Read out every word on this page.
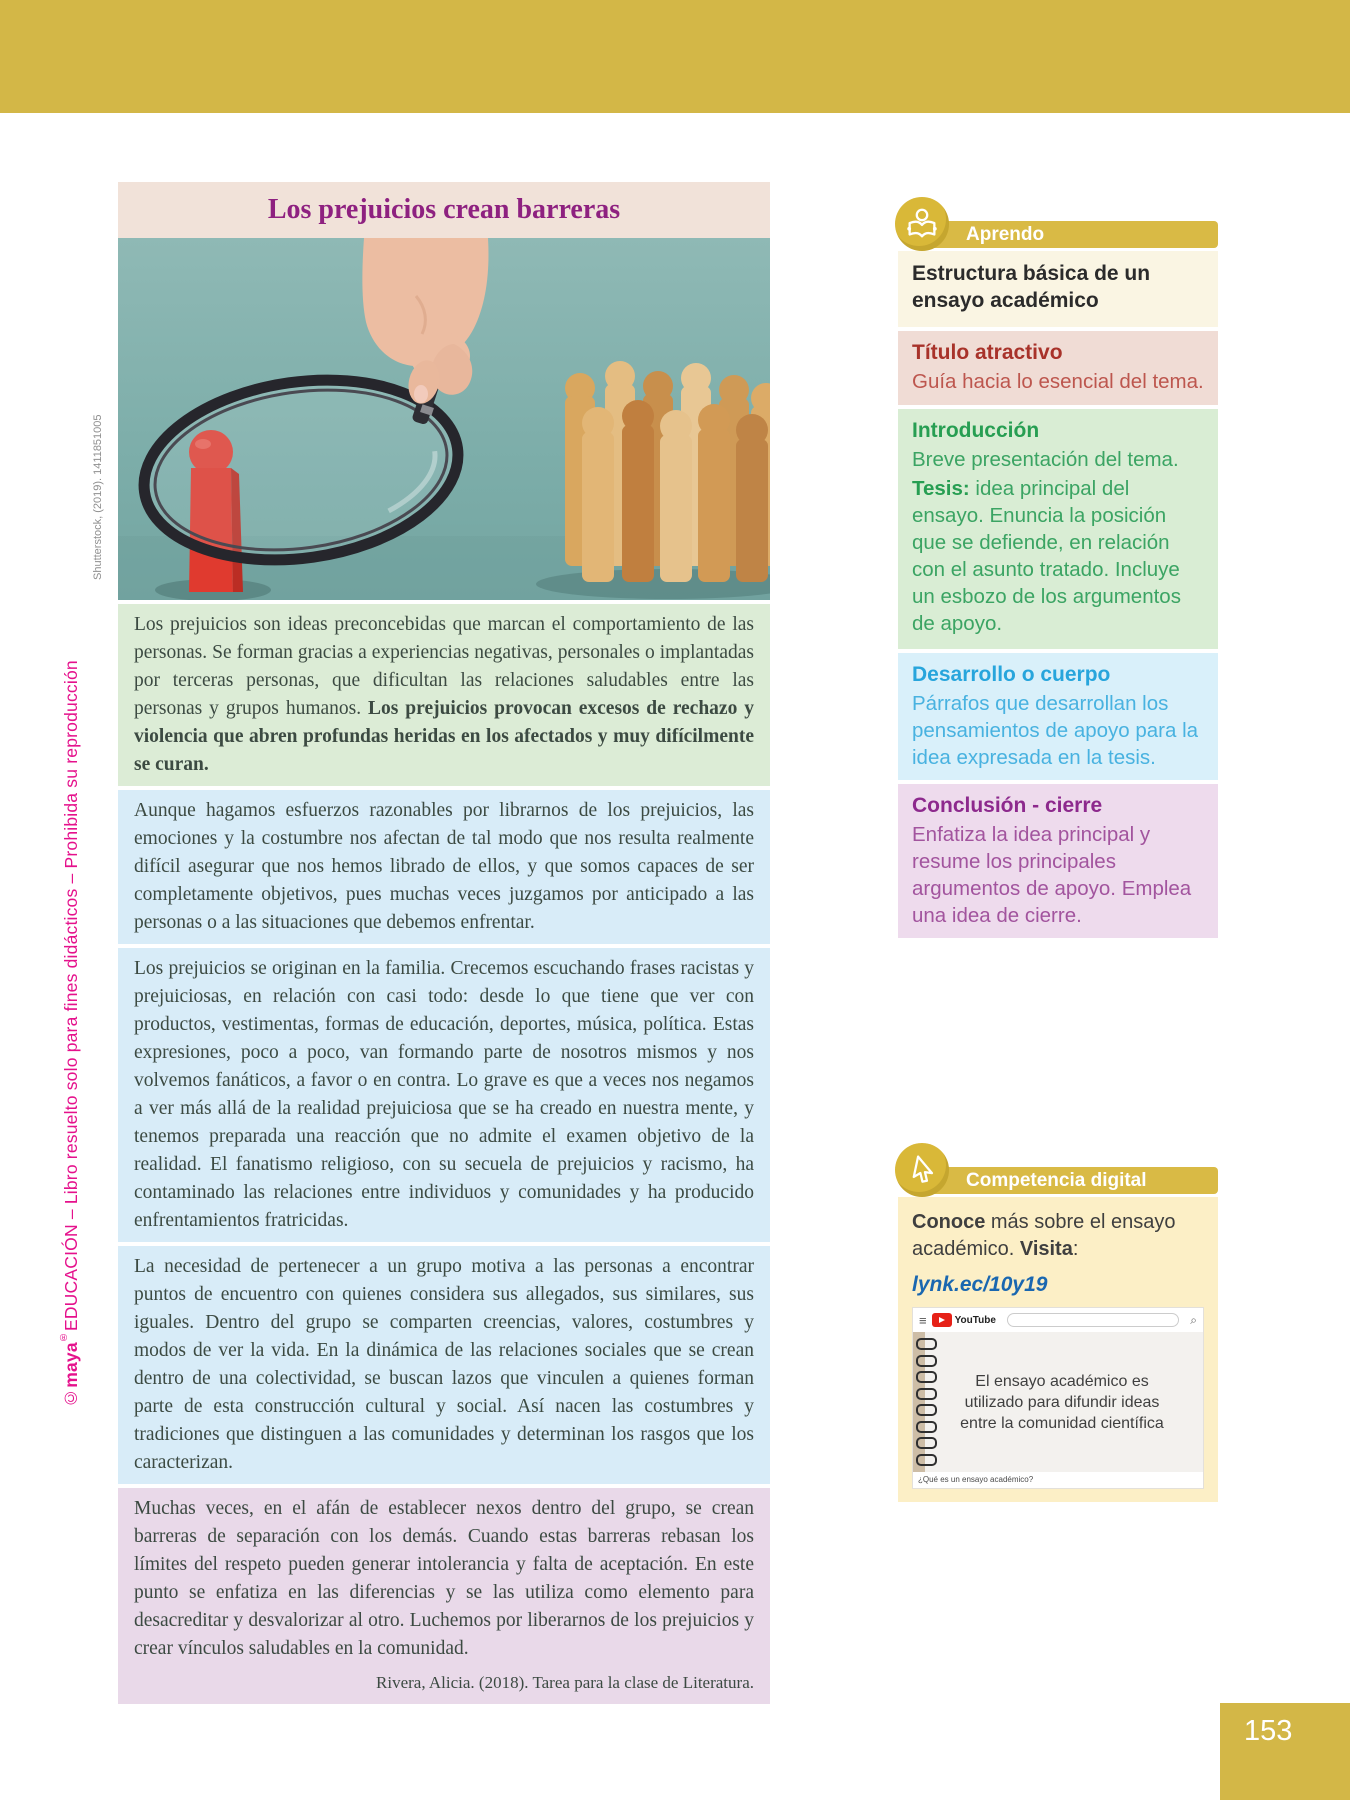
©maya®EDUCACIÓN – Libro resuelto solo para fines didácticos – Prohibida su reproducción
Shutterstock, (2019). 1411851005
Los prejuicios crean barreras

Los prejuicios son ideas preconcebidas que marcan el comportamiento de las personas. Se forman gracias a experiencias negativas, personales o implantadas por terceras personas, que dificultan las relaciones saludables entre las personas y grupos humanos. Los prejuicios provocan excesos de rechazo y violencia que abren profundas heridas en los afectados y muy difícilmente se curan.

Aunque hagamos esfuerzos razonables por librarnos de los prejuicios, las emociones y la costumbre nos afectan de tal modo que nos resulta realmente difícil asegurar que nos hemos librado de ellos, y que somos capaces de ser completamente objetivos, pues muchas veces juzgamos por anticipado a las personas o a las situaciones que debemos enfrentar.

Los prejuicios se originan en la familia. Crecemos escuchando frases racistas y prejuiciosas, en relación con casi todo: desde lo que tiene que ver con productos, vestimentas, formas de educación, deportes, música, política. Estas expresiones, poco a poco, van formando parte de nosotros mismos y nos volvemos fanáticos, a favor o en contra. Lo grave es que a veces nos negamos a ver más allá de la realidad prejuiciosa que se ha creado en nuestra mente, y tenemos preparada una reacción que no admite el examen objetivo de la realidad. El fanatismo religioso, con su secuela de prejuicios y racismo, ha contaminado las relaciones entre individuos y comunidades y ha producido enfrentamientos fratricidas.

La necesidad de pertenecer a un grupo motiva a las personas a encontrar puntos de encuentro con quienes considera sus allegados, sus similares, sus iguales. Dentro del grupo se comparten creencias, valores, costumbres y modos de ver la vida. En la dinámica de las relaciones sociales que se crean dentro de una colectividad, se buscan lazos que vinculen a quienes forman parte de esta construcción cultural y social. Así nacen las costumbres y tradiciones que distinguen a las comunidades y determinan los rasgos que los caracterizan.

Muchas veces, en el afán de establecer nexos dentro del grupo, se crean barreras de separación con los demás. Cuando estas barreras rebasan los límites del respeto pueden generar intolerancia y falta de aceptación. En este punto se enfatiza en las diferencias y se las utiliza como elemento para desacreditar y desvalorizar al otro. Luchemos por liberarnos de los prejuicios y crear vínculos saludables en la comunidad.
Rivera, Alicia. (2018). Tarea para la clase de Literatura.
Aprendo

Estructura básica de un ensayo académico

Título atractivo

Guía hacia lo esencial del tema.

Introducción

Breve presentación del tema.

Tesis: idea principal del ensayo. Enuncia la posición que se defiende, en relación con el asunto tratado. Incluye un esbozo de los argumentos de apoyo.

Desarrollo o cuerpo

Párrafos que desarrollan los pensamientos de apoyo para la idea expresada en la tesis.

Conclusión - cierre

Enfatiza la idea principal y resume los principales argumentos de apoyo. Emplea una idea de cierre.

Competencia digital

Conoce más sobre el ensayo académico. Visita:

lynk.ec/10y19
≡	YouTube	⌕

El ensayo académico es utilizado para difundir ideas entre la comunidad científica

¿Qué es un ensayo académico?
153
